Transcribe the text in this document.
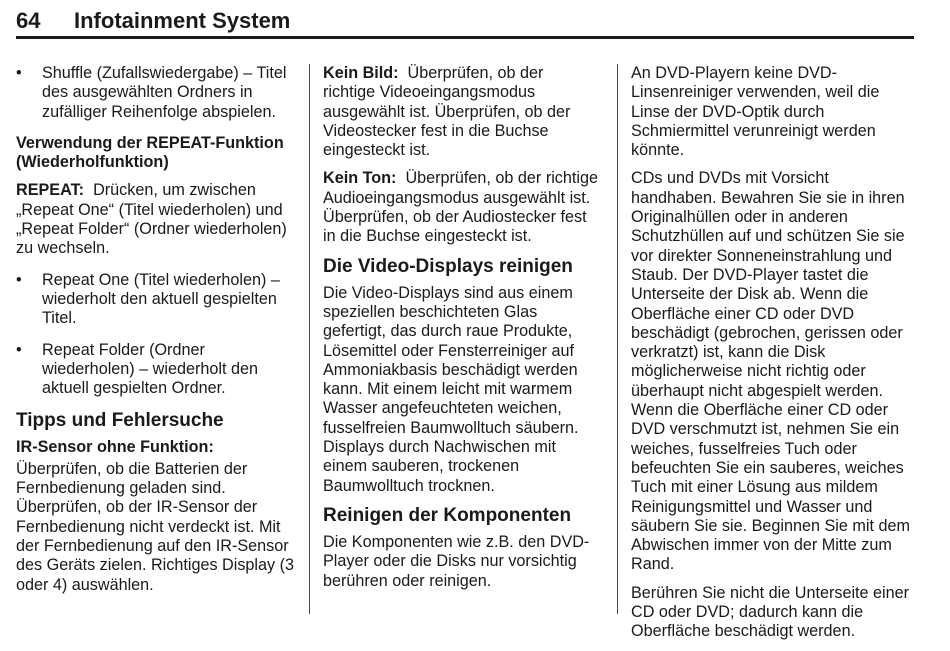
64 Infotainment System
• Shuffle (Zufallswiedergabe) – Titel des ausgewählten Ordners in zufälliger Reihenfolge abspielen.
Verwendung der REPEAT-Funktion (Wiederholfunktion)

REPEAT: Drücken, um zwischen „Repeat One“ (Titel wiederholen) und „Repeat Folder“ (Ordner wiederholen) zu wechseln.

• Repeat One (Titel wiederholen) – wiederholt den aktuell gespielten Titel.
• Repeat Folder (Ordner wiederholen) – wiederholt den aktuell gespielten Ordner.
Tipps und Fehlersuche
IR-Sensor ohne Funktion:

Überprüfen, ob die Batterien der Fernbedienung geladen sind. Überprüfen, ob der IR-Sensor der Fernbedienung nicht verdeckt ist. Mit der Fernbedienung auf den IR-Sensor des Geräts zielen. Richtiges Display (3 oder 4) auswählen.

Kein Bild: Überprüfen, ob der richtige Videoeingangsmodus ausgewählt ist. Überprüfen, ob der Videostecker fest in die Buchse eingesteckt ist.

Kein Ton: Überprüfen, ob der richtige Audioeingangsmodus ausgewählt ist. Überprüfen, ob der Audiostecker fest in die Buchse eingesteckt ist.

Die Video-Displays reinigen

Die Video-Displays sind aus einem speziellen beschichteten Glas gefertigt, das durch raue Produkte, Lösemittel oder Fensterreiniger auf Ammoniakbasis beschädigt werden kann. Mit einem leicht mit warmem Wasser angefeuchteten weichen, fusselfreien Baumwolltuch säubern. Displays durch Nachwischen mit einem sauberen, trockenen Baumwolltuch trocknen.

Reinigen der Komponenten

Die Komponenten wie z.B. den DVD-Player oder die Disks nur vorsichtig berühren oder reinigen.

An DVD-Playern keine DVD-Linsenreiniger verwenden, weil die Linse der DVD-Optik durch Schmiermittel verunreinigt werden könnte.

CDs und DVDs mit Vorsicht handhaben. Bewahren Sie sie in ihren Originalhüllen oder in anderen Schutzhüllen auf und schützen Sie sie vor direkter Sonneneinstrahlung und Staub. Der DVD-Player tastet die Unterseite der Disk ab. Wenn die Oberfläche einer CD oder DVD beschädigt (gebrochen, gerissen oder verkratzt) ist, kann die Disk möglicherweise nicht richtig oder überhaupt nicht abgespielt werden. Wenn die Oberfläche einer CD oder DVD verschmutzt ist, nehmen Sie ein weiches, fusselfreies Tuch oder befeuchten Sie ein sauberes, weiches Tuch mit einer Lösung aus mildem Reinigungsmittel und Wasser und säubern Sie sie. Beginnen Sie mit dem Abwischen immer von der Mitte zum Rand.

Berühren Sie nicht die Unterseite einer CD oder DVD; dadurch kann die Oberfläche beschädigt werden.
